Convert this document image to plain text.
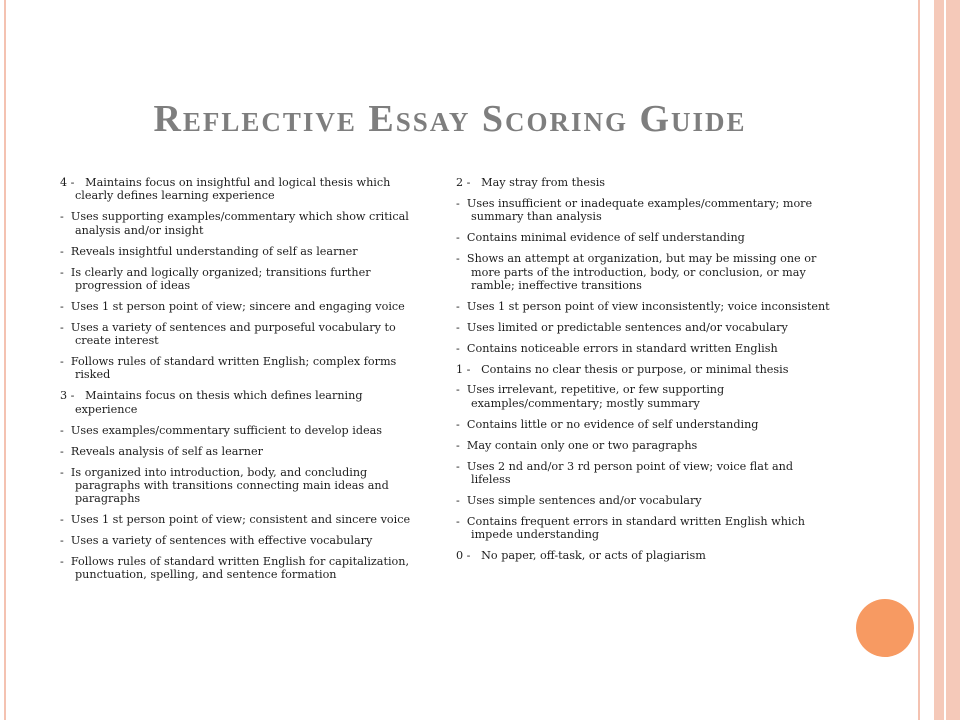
Reflective Essay Scoring Guide
4 -   Maintains focus on insightful and logical thesis which clearly defines learning experience
-  Uses supporting examples/commentary which show critical analysis and/or insight
-  Reveals insightful understanding of self as learner
-  Is clearly and logically organized; transitions further progression of ideas
-  Uses 1 st person point of view; sincere and engaging voice
-  Uses a variety of sentences and purposeful vocabulary to create interest
-  Follows rules of standard written English; complex forms risked
3 -   Maintains focus on thesis which defines learning experience
-  Uses examples/commentary sufficient to develop ideas
-  Reveals analysis of self as learner
-  Is organized into introduction, body, and concluding paragraphs with transitions connecting main ideas and paragraphs
-  Uses 1 st person point of view; consistent and sincere voice
-  Uses a variety of sentences with effective vocabulary
-  Follows rules of standard written English for capitalization, punctuation, spelling, and sentence formation
2 -   May stray from thesis
-  Uses insufficient or inadequate examples/commentary; more summary than analysis
-  Contains minimal evidence of self understanding
-  Shows an attempt at organization, but may be missing one or more parts of the introduction, body, or conclusion, or may ramble; ineffective transitions
-  Uses 1 st person point of view inconsistently; voice inconsistent
-  Uses limited or predictable sentences and/or vocabulary
-  Contains noticeable errors in standard written English
1 -   Contains no clear thesis or purpose, or minimal thesis
-  Uses irrelevant, repetitive, or few supporting examples/commentary; mostly summary
-  Contains little or no evidence of self understanding
-  May contain only one or two paragraphs
-  Uses 2 nd and/or 3 rd person point of view; voice flat and lifeless
-  Uses simple sentences and/or vocabulary
-  Contains frequent errors in standard written English which impede understanding
0 -   No paper, off-task, or acts of plagiarism
